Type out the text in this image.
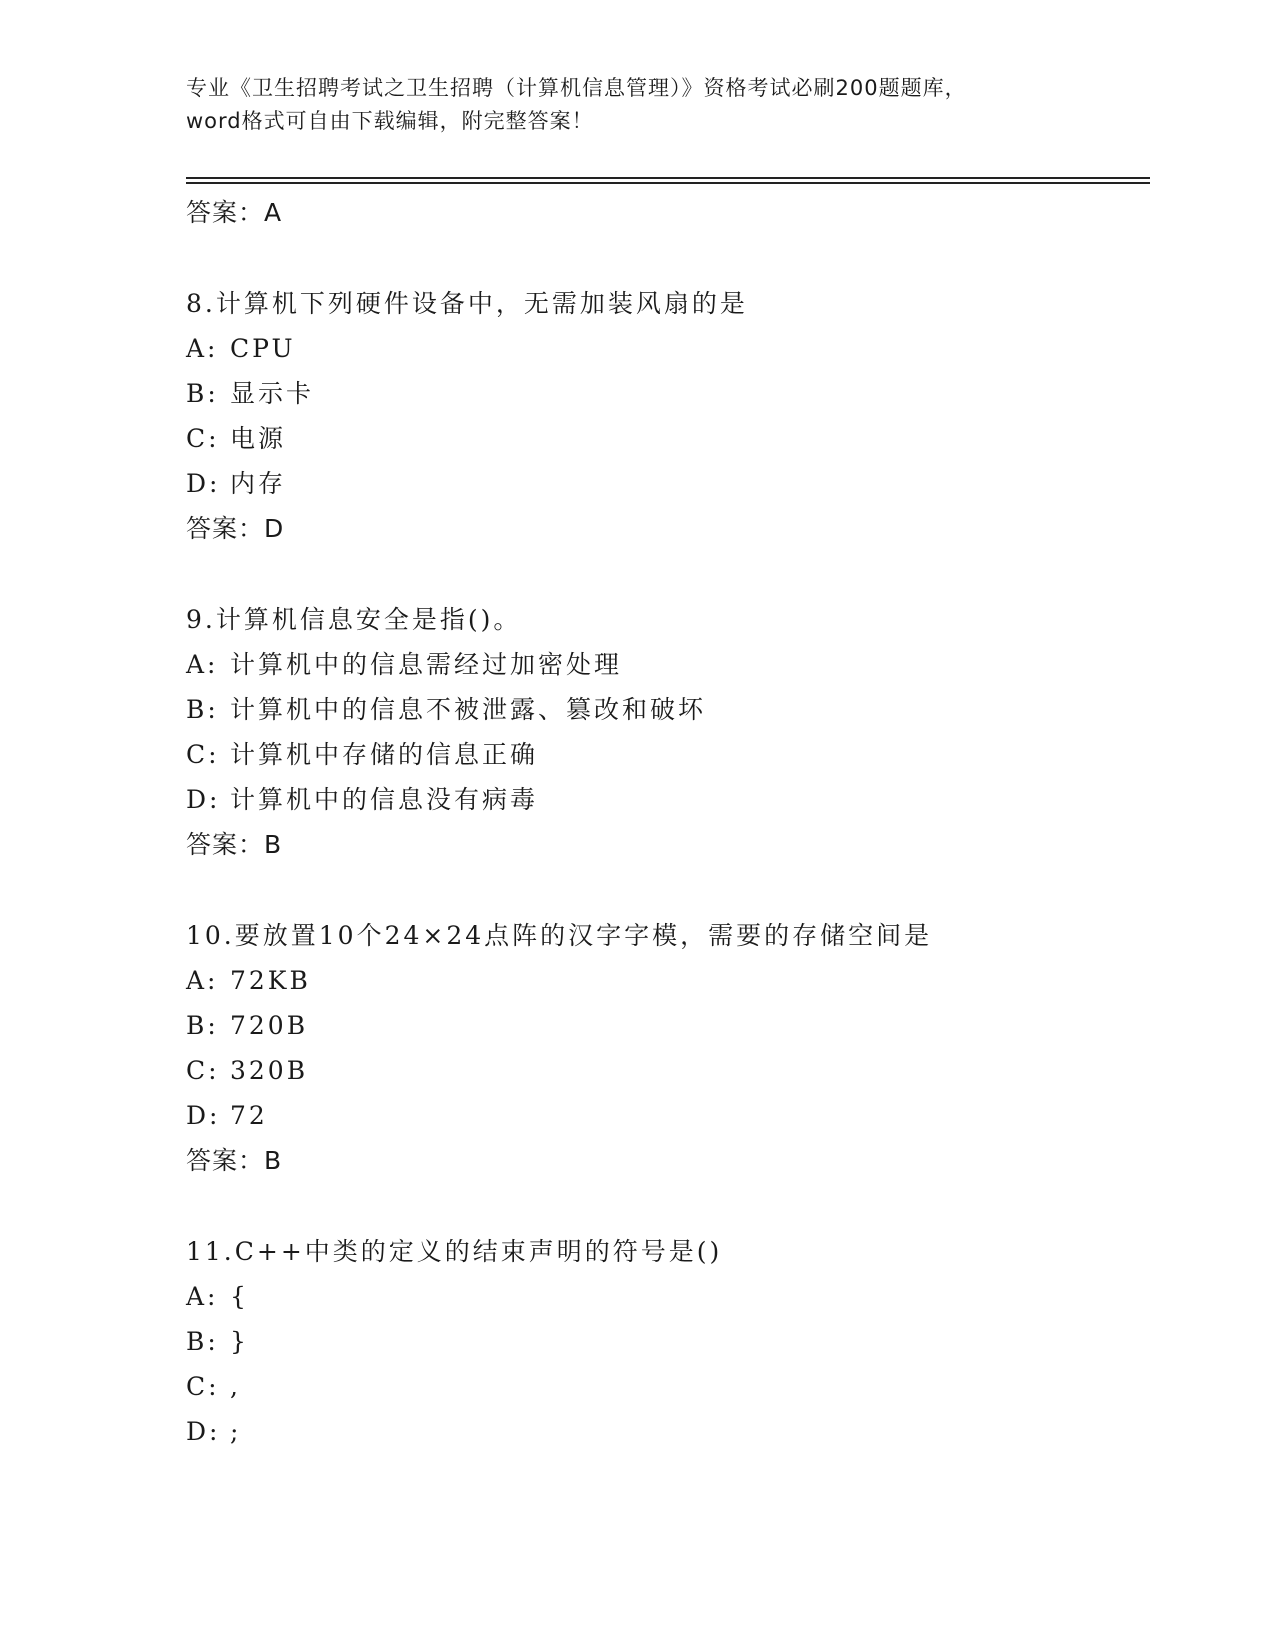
专业《卫生招聘考试之卫生招聘（计算机信息管理）》资格考试必刷200题题库，
word格式可自由下载编辑，附完整答案！
答案：A
8.计算机下列硬件设备中，无需加装风扇的是
A: CPU
B: 显示卡
C: 电源
D: 内存
答案：D
9.计算机信息安全是指()。
A: 计算机中的信息需经过加密处理
B: 计算机中的信息不被泄露、篡改和破坏
C: 计算机中存储的信息正确
D: 计算机中的信息没有病毒
答案：B
10.要放置10个24×24点阵的汉字字模，需要的存储空间是
A: 72KB
B: 720B
C: 320B
D: 72
答案：B
11.C++中类的定义的结束声明的符号是()
A: {
B: }
C: ,
D: ;
